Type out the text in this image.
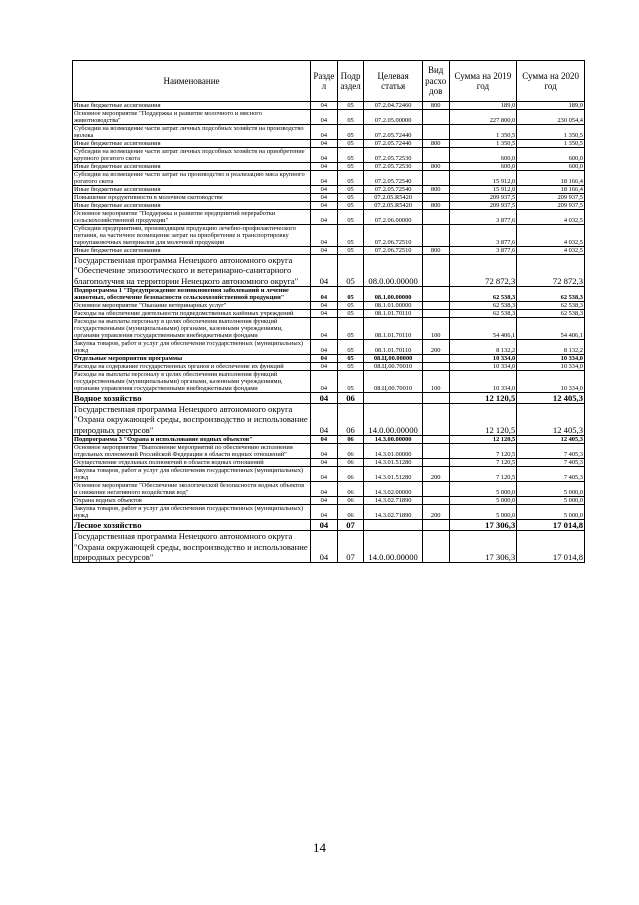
Наименование	Разде л	Подр аздел	Целевая статья	Вид расхо дов	Сумма на 2019 год	Сумма на 2020 год
Иные бюджетные ассигнования	04	05	07.2.04.72460	800	189,0	189,0
Основное мероприятие "Поддержка и развитие молочного и мясного животноводства"	04	05	07.2.05.00000		227 800,0	230 054,4
Субсидии на возмещение части затрат личных подсобных хозяйств на производство молока	04	05	07.2.05.72440		1 350,5	1 350,5
Иные бюджетные ассигнования	04	05	07.2.05.72440	800	1 350,5	1 350,5
Субсидии на возмещение части затрат личных подсобных хозяйств на приобретение крупного рогатого скота	04	05	07.2.05.72530		600,0	600,0
Иные бюджетные ассигнования	04	05	07.2.05.72530	800	600,0	600,0
Субсидии на возмещение части затрат на производство и реализацию мяса крупного рогатого скота	04	05	07.2.05.72540		15 912,0	18 166,4
Иные бюджетные ассигнования	04	05	07.2.05.72540	800	15 912,0	18 166,4
Повышение продуктивности в молочном скотоводстве	04	05	07.2.05.R5420		209 937,5	209 937,5
Иные бюджетные ассигнования	04	05	07.2.05.R5420	800	209 937,5	209 937,5
Основное мероприятие "Поддержка и развитие предприятий переработки сельскохозяйственной продукции"	04	05	07.2.06.00000		3 877,6	4 032,5
Субсидии предприятиям, производящим продукцию лечебно-профилактического питания, на частичное возмещение затрат на приобретение и транспортировку тароупаковочных материалов для молочной продукции	04	05	07.2.06.72510		3 877,6	4 032,5
Иные бюджетные ассигнования	04	05	07.2.06.72510	800	3 877,6	4 032,5
Государственная программа Ненецкого автономного округа "Обеспечение эпизоотического и ветеринарно-санитарного благополучия на территории Ненецкого автономного округа"	04	05	08.0.00.00000		72 872,3	72 872,3
Подпрограмма 1 "Предупреждение возникновения заболеваний и лечение животных, обеспечение безопасности сельскохозяйственной продукции"	04	05	08.1.00.00000		62 538,3	62 538,3
Основное мероприятие "Оказание ветеринарных услуг"	04	05	08.1.01.00000		62 538,3	62 538,3
Расходы на обеспечение деятельности подведомственных казённых учреждений	04	05	08.1.01.70110		62 538,3	62 538,3
Расходы на выплаты персоналу в целях обеспечения выполнения функций государственными (муниципальными) органами, казенными учреждениями, органами управления государственными внебюджетными фондами	04	05	08.1.01.70110	100	54 406,1	54 406,1
Закупка товаров, работ и услуг для обеспечения государственных (муниципальных) нужд	04	05	08.1.01.70110	200	8 132,2	8 132,2
Отдельные мероприятия программы	04	05	08.Ц.00.00000		10 334,0	10 334,0
Расходы на содержание государственных органов и обеспечение их функций	04	05	08.Ц.00.70010		10 334,0	10 334,0
Расходы на выплаты персоналу в целях обеспечения выполнения функций государственными (муниципальными) органами, казенными учреждениями, органами управления государственными внебюджетными фондами	04	05	08.Ц.00.70010	100	10 334,0	10 334,0
Водное хозяйство	04	06			12 120,5	12 405,3
Государственная программа Ненецкого автономного округа "Охрана окружающей среды, воспроизводство и использование природных ресурсов"	04	06	14.0.00.00000		12 120,5	12 405,3
Подпрограмма 3 "Охрана и использование водных объектов"	04	06	14.3.00.00000		12 120,5	12 405,3
Основное мероприятие "Выполнение мероприятий по обеспечению исполнения отдельных полномочий Российской Федерации в области водных отношений"	04	06	14.3.01.00000		7 120,5	7 405,3
Осуществление отдельных полномочий в области водных отношений	04	06	14.3.01.51280		7 120,5	7 405,3
Закупка товаров, работ и услуг для обеспечения государственных (муниципальных) нужд	04	06	14.3.01.51280	200	7 120,5	7 405,3
Основное мероприятие "Обеспечение экологической безопасности водных объектов и снижение негативного воздействия вод"	04	06	14.3.02.00000		5 000,0	5 000,0
Охрана водных объектов	04	06	14.3.02.71890		5 000,0	5 000,0
Закупка товаров, работ и услуг для обеспечения государственных (муниципальных) нужд	04	06	14.3.02.71890	200	5 000,0	5 000,0
Лесное хозяйство	04	07			17 306,3	17 014,8
Государственная программа Ненецкого автономного округа "Охрана окружающей среды, воспроизводство и использование природных ресурсов"	04	07	14.0.00.00000		17 306,3	17 014,8
14
